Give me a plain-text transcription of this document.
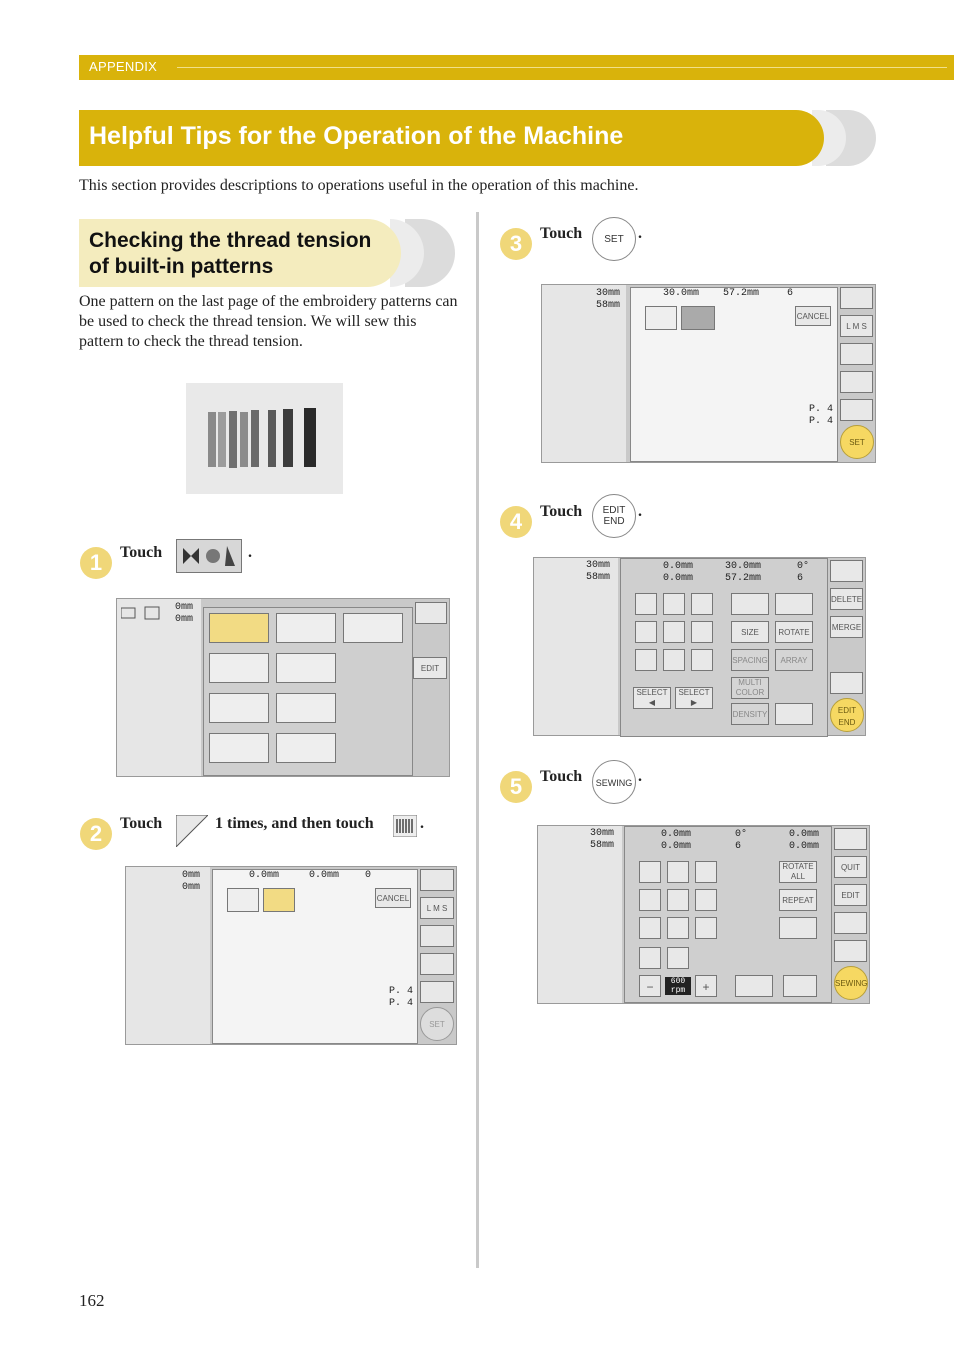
APPENDIX
Helpful Tips for the Operation of the Machine
This section provides descriptions to operations useful in the operation of this machine.
Checking the thread tension
of built-in patterns
One pattern on the last page of the embroidery patterns can be used to check the thread tension. We will sew this pattern to check the thread tension.
1	Touch	.
0mm
0mm
EDIT
2	Touch	1 times, and then touch	.
0mm
0mm
0.0mm	0.0mm	0
CANCEL
P. 4
P. 4
L M S
SET
3	Touch	SET .
30mm
58mm
30.0mm 57.2mm	6
CANCEL
P. 4
P. 4
L M S
SET
4	Touch	EDIT
END
.
30mm
58mm
0.0mm
0.0mm
30.0mm
57.2mm
0°
6
SIZE	ROTATE
SPACING	ARRAY
MULTI COLOR
SELECT ◀
SELECT ▶
DENSITY
DELETE
MERGE
EDIT END
5	Touch	SEWING .
30mm
58mm
0.0mm
0.0mm
0°
6
0.0mm
0.0mm
ROTATE ALL
REPEAT
−	600
rpm	+
QUIT
EDIT
SEWING
162
